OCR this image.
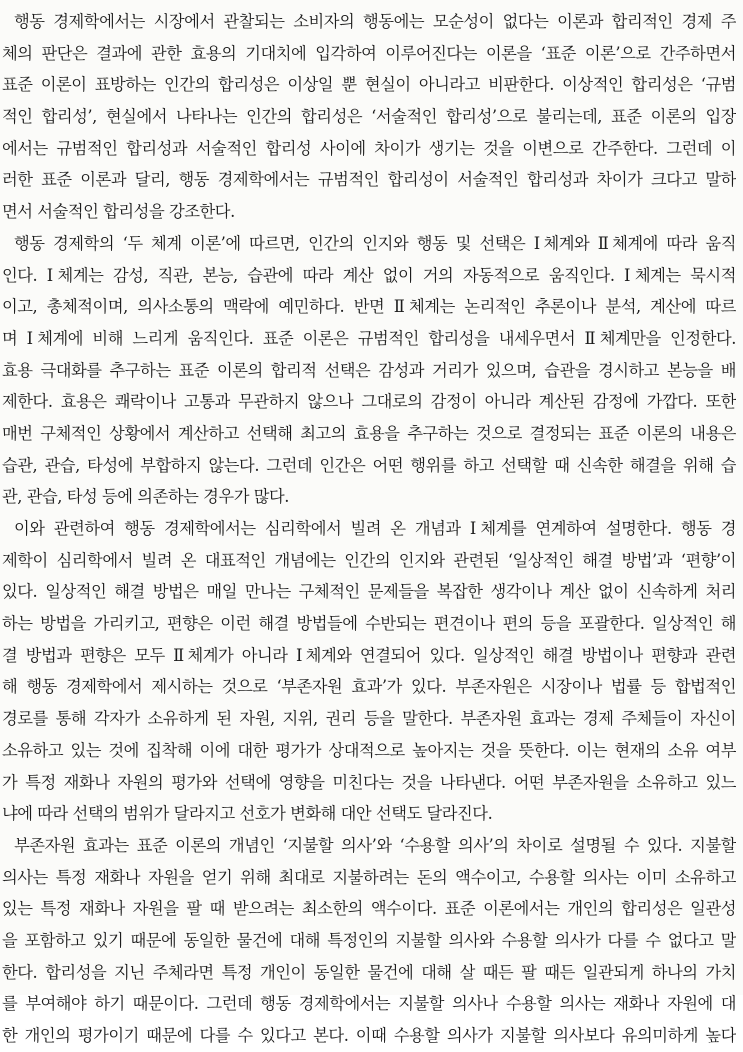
행동 경제학에서는 시장에서 관찰되는 소비자의 행동에는 모순성이 없다는 이론과 합리적인 경제 주
체의 판단은 결과에 관한 효용의 기대치에 입각하여 이루어진다는 이론을 ‘표준 이론’으로 간주하면서
표준 이론이 표방하는 인간의 합리성은 이상일 뿐 현실이 아니라고 비판한다. 이상적인 합리성은 ‘규범
적인 합리성’, 현실에서 나타나는 인간의 합리성은 ‘서술적인 합리성’으로 불리는데, 표준 이론의 입장
에서는 규범적인 합리성과 서술적인 합리성 사이에 차이가 생기는 것을 이변으로 간주한다. 그런데 이
러한 표준 이론과 달리, 행동 경제학에서는 규범적인 합리성이 서술적인 합리성과 차이가 크다고 말하
면서 서술적인 합리성을 강조한다.
행동 경제학의 ‘두 체계 이론’에 따르면, 인간의 인지와 행동 및 선택은 Ⅰ체계와 Ⅱ체계에 따라 움직
인다. Ⅰ체계는 감성, 직관, 본능, 습관에 따라 계산 없이 거의 자동적으로 움직인다. Ⅰ체계는 묵시적
이고, 총체적이며, 의사소통의 맥락에 예민하다. 반면 Ⅱ체계는 논리적인 추론이나 분석, 계산에 따르
며 Ⅰ체계에 비해 느리게 움직인다. 표준 이론은 규범적인 합리성을 내세우면서 Ⅱ체계만을 인정한다.
효용 극대화를 추구하는 표준 이론의 합리적 선택은 감성과 거리가 있으며, 습관을 경시하고 본능을 배
제한다. 효용은 쾌락이나 고통과 무관하지 않으나 그대로의 감정이 아니라 계산된 감정에 가깝다. 또한
매번 구체적인 상황에서 계산하고 선택해 최고의 효용을 추구하는 것으로 결정되는 표준 이론의 내용은
습관, 관습, 타성에 부합하지 않는다. 그런데 인간은 어떤 행위를 하고 선택할 때 신속한 해결을 위해 습
관, 관습, 타성 등에 의존하는 경우가 많다.
이와 관련하여 행동 경제학에서는 심리학에서 빌려 온 개념과 Ⅰ체계를 연계하여 설명한다. 행동 경
제학이 심리학에서 빌려 온 대표적인 개념에는 인간의 인지와 관련된 ‘일상적인 해결 방법’과 ‘편향’이
있다. 일상적인 해결 방법은 매일 만나는 구체적인 문제들을 복잡한 생각이나 계산 없이 신속하게 처리
하는 방법을 가리키고, 편향은 이런 해결 방법들에 수반되는 편견이나 편의 등을 포괄한다. 일상적인 해
결 방법과 편향은 모두 Ⅱ체계가 아니라 Ⅰ체계와 연결되어 있다. 일상적인 해결 방법이나 편향과 관련
해 행동 경제학에서 제시하는 것으로 ‘부존자원 효과’가 있다. 부존자원은 시장이나 법률 등 합법적인
경로를 통해 각자가 소유하게 된 자원, 지위, 권리 등을 말한다. 부존자원 효과는 경제 주체들이 자신이
소유하고 있는 것에 집착해 이에 대한 평가가 상대적으로 높아지는 것을 뜻한다. 이는 현재의 소유 여부
가 특정 재화나 자원의 평가와 선택에 영향을 미친다는 것을 나타낸다. 어떤 부존자원을 소유하고 있느
냐에 따라 선택의 범위가 달라지고 선호가 변화해 대안 선택도 달라진다.
부존자원 효과는 표준 이론의 개념인 ‘지불할 의사’와 ‘수용할 의사’의 차이로 설명될 수 있다. 지불할
의사는 특정 재화나 자원을 얻기 위해 최대로 지불하려는 돈의 액수이고, 수용할 의사는 이미 소유하고
있는 특정 재화나 자원을 팔 때 받으려는 최소한의 액수이다. 표준 이론에서는 개인의 합리성은 일관성
을 포함하고 있기 때문에 동일한 물건에 대해 특정인의 지불할 의사와 수용할 의사가 다를 수 없다고 말
한다. 합리성을 지닌 주체라면 특정 개인이 동일한 물건에 대해 살 때든 팔 때든 일관되게 하나의 가치
를 부여해야 하기 때문이다. 그런데 행동 경제학에서는 지불할 의사나 수용할 의사는 재화나 자원에 대
한 개인의 평가이기 때문에 다를 수 있다고 본다. 이때 수용할 의사가 지불할 의사보다 유의미하게 높다
